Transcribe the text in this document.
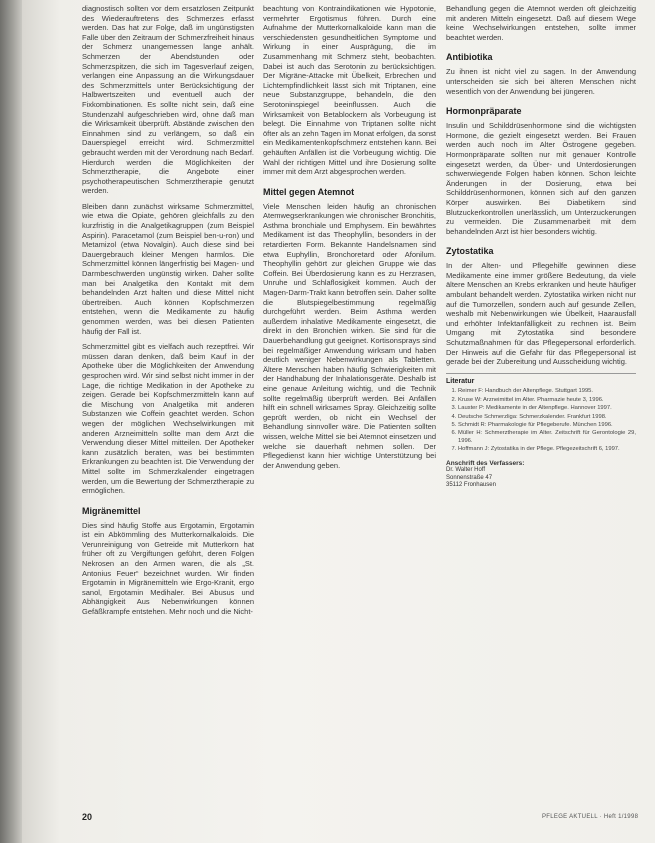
diagnostisch sollten vor dem ersatzlosen Zeitpunkt des Wiederauftretens des Schmerzes erfasst werden. Das hat zur Folge, daß im ungünstigsten Falle über den Zeitraum der Schmerzfreiheit hinaus der Schmerz unangemessen lange anhält. Schmerzen der Abendstunden oder Schmerzspitzen, die sich im Tagesverlauf zeigen, verlangen eine Anpassung an die Wirkungsdauer des Schmerzmittels unter Berücksichtigung der Halbwertszeiten und eventuell auch der Fixkombinationen. Es sollte nicht sein, daß eine Stundenzahl aufgeschrieben wird, ohne daß man die Wirksamkeit überprüft. Abstände zwischen den Einnahmen sind zu verlängern, so daß ein Dauerspiegel erreicht wird. Schmerzmittel gebraucht werden mit der Verordnung nach Bedarf. Hierdurch werden die Möglichkeiten der Schmerztherapie, die Angebote einer psychotherapeutischen Schmerztherapie genutzt werden.

Bleiben dann zunächst wirksame Schmerzmittel, wie etwa die Opiate, gehören gleichfalls zu den kurzfristig in die Analgetikagruppen (zum Beispiel Aspirin). Paracetamol (zum Beispiel ben-u-ron) und Metamizol (etwa Novalgin). Auch diese sind bei Dauergebrauch kleiner Mengen harmlos. Die Schmerzmittel können längerfristig bei Magen- und Darmbeschwerden ungünstig wirken. Daher sollte man bei Analgetika den Kontakt mit dem behandelnden Arzt halten und diese Mittel nicht übertreiben. Auch können Kopfschmerzen entstehen, wenn die Medikamente zu häufig genommen werden, was bei diesen Patienten häufig der Fall ist.

Schmerzmittel gibt es vielfach auch rezeptfrei. Wir müssen daran denken, daß beim Kauf in der Apotheke über die Möglichkeiten der Anwendung gesprochen wird. Wir sind selbst nicht immer in der Lage, die richtige Medikation in der Apotheke zu zeigen. Gerade bei Kopfschmerzmitteln kann auf die Mischung von Analgetika mit anderen Substanzen wie Coffein geachtet werden. Schon wegen der möglichen Wechselwirkungen mit anderen Arzneimitteln sollte man dem Arzt die Verwendung dieser Mittel mitteilen. Der Apotheker kann zusätzlich beraten, was bei bestimmten Erkrankungen zu beachten ist. Die Verwendung der Mittel sollte im Schmerzkalender eingetragen werden, um die Bewertung der Schmerztherapie zu ermöglichen.

Migränemittel

Dies sind häufig Stoffe aus Ergotamin, Ergotamin ist ein Abkömmling des Mutterkornalkaloids. Die Verunreinigung von Getreide mit Mutterkorn hat früher oft zu Vergiftungen geführt, deren Folgen Nekrosen an den Armen waren, die als „St. Antonius Feuer“ bezeichnet wurden. Wir finden Ergotamin in Migränemitteln wie Ergo-Kranit, ergo sanol, Ergotamin Medihaler. Bei Abusus und Abhängigkeit Aus Nebenwirkungen können Gefäßkrampfe entstehen. Mehr noch und die Nicht-

beachtung von Kontraindikationen wie Hypotonie, vermehrter Ergotismus führen. Durch eine Aufnahme der Mutterkornalkaloide kann man die verschiedensten gesundheitlichen Symptome und Wirkung in einer Ausprägung, die im Zusammenhang mit Schmerz steht, beobachten. Dabei ist auch das Serotonin zu berücksichtigen. Der Migräne-Attacke mit Übelkeit, Erbrechen und Lichtempfindlichkeit lässt sich mit Triptanen, eine neue Substanzgruppe, behandeln, die den Serotoninspiegel beeinflussen. Auch die Wirksamkeit von Betablockern als Vorbeugung ist belegt. Die Einnahme von Triptanen sollte nicht öfter als an zehn Tagen im Monat erfolgen, da sonst ein Medikamentenkopfschmerz entstehen kann. Bei gehäuften Anfällen ist die Vorbeugung wichtig. Die Wahl der richtigen Mittel und ihre Dosierung sollte immer mit dem Arzt abgesprochen werden.

Mittel gegen Atemnot

Viele Menschen leiden häufig an chronischen Atemwegserkrankungen wie chronischer Bronchitis, Asthma bronchiale und Emphysem. Ein bewährtes Medikament ist das Theophyllin, besonders in der retardierten Form. Bekannte Handelsnamen sind etwa Euphyllin, Bronchoretard oder Afonilum. Theophyllin gehört zur gleichen Gruppe wie das Coffein. Bei Überdosierung kann es zu Herzrasen, Unruhe und Schlaflosigkeit kommen. Auch der Magen-Darm-Trakt kann betroffen sein. Daher sollte die Blutspiegelbestimmung regelmäßig durchgeführt werden. Beim Asthma werden außerdem inhalative Medikamente eingesetzt, die direkt in den Bronchien wirken. Sie sind für die Dauerbehandlung gut geeignet. Kortisonsprays sind bei regelmäßiger Anwendung wirksam und haben deutlich weniger Nebenwirkungen als Tabletten. Ältere Menschen haben häufig Schwierigkeiten mit der Handhabung der Inhalationsgeräte. Deshalb ist eine genaue Anleitung wichtig, und die Technik sollte regelmäßig überprüft werden. Bei Anfällen hilft ein schnell wirksames Spray. Gleichzeitig sollte geprüft werden, ob nicht ein Wechsel der Behandlung sinnvoller wäre. Die Patienten sollten wissen, welche Mittel sie bei Atemnot einsetzen und welche sie dauerhaft nehmen sollen. Der Pflegedienst kann hier wichtige Unterstützung bei der Anwendung geben.

Behandlung gegen die Atemnot werden oft gleichzeitig mit anderen Mitteln eingesetzt. Daß auf diesem Wege keine Wechselwirkungen entstehen, sollte immer beachtet werden.

Antibiotika

Zu ihnen ist nicht viel zu sagen. In der Anwendung unterscheiden sie sich bei älteren Menschen nicht wesentlich von der Anwendung bei jüngeren.

Hormonpräparate

Insulin und Schilddrüsenhormone sind die wichtigsten Hormone, die gezielt eingesetzt werden. Bei Frauen werden auch noch im Alter Östrogene gegeben. Hormonpräparate sollten nur mit genauer Kontrolle eingesetzt werden, da Über- und Unterdosierungen schwerwiegende Folgen haben können. Schon leichte Änderungen in der Dosierung, etwa bei Schilddrüsenhormonen, können sich auf den ganzen Körper auswirken. Bei Diabetikern sind Blutzuckerkontrollen unerlässlich, um Unterzuckerungen zu vermeiden. Die Zusammenarbeit mit dem behandelnden Arzt ist hier besonders wichtig.

Zytostatika

In der Alten- und Pflegehilfe gewinnen diese Medikamente eine immer größere Bedeutung, da viele ältere Menschen an Krebs erkranken und heute häufiger ambulant behandelt werden. Zytostatika wirken nicht nur auf die Tumorzellen, sondern auch auf gesunde Zellen, weshalb mit Nebenwirkungen wie Übelkeit, Haarausfall und erhöhter Infektanfälligkeit zu rechnen ist. Beim Umgang mit Zytostatika sind besondere Schutzmaßnahmen für das Pflegepersonal erforderlich. Der Hinweis auf die Gefahr für das Pflegepersonal ist gerade bei der Zubereitung und Ausscheidung wichtig.

Literatur
1. Reimer F: Handbuch der Altenpflege. Stuttgart 1995.
2. Kruse W: Arzneimittel im Alter. Pharmazie heute 3, 1996.
3. Lauster P: Medikamente in der Altenpflege. Hannover 1997.
4. Deutsche Schmerzliga: Schmerzkalender. Frankfurt 1998.
5. Schmidt R: Pharmakologie für Pflegeberufe. München 1996.
6. Müller H: Schmerztherapie im Alter. Zeitschrift für Gerontologie 29, 1996.
7. Hoffmann J: Zytostatika in der Pflege. Pflegezeitschrift 6, 1997.
Anschrift des Verfassers:
Dr. Walter Hoff
Sonnenstraße 47
35112 Fronhausen
20	PFLEGE AKTUELL · Heft 1/1998
